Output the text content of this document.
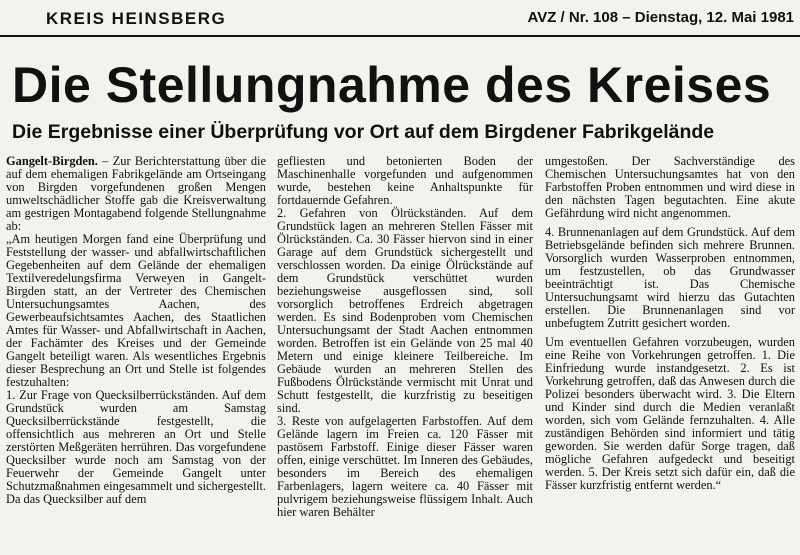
KREIS HEINSBERG	AVZ / Nr. 108 – Dienstag, 12. Mai 1981
Die Stellungnahme des Kreises
Die Ergebnisse einer Überprüfung vor Ort auf dem Birgdener Fabrikgelände

Gangelt-Birgden. – Zur Berichterstattung über die auf dem ehemaligen Fabrikgelände am Ortseingang von Birgden vorgefundenen großen Mengen umweltschädlicher Stoffe gab die Kreisverwaltung am gestrigen Montagabend folgende Stellungnahme ab:

„Am heutigen Morgen fand eine Überprüfung und Feststellung der wasser- und abfallwirtschaftlichen Gegebenheiten auf dem Gelände der ehemaligen Textilveredelungsfirma Verweyen in Gangelt-Birgden statt, an der Vertreter des Chemischen Untersuchungsamtes Aachen, des Gewerbeaufsichtsamtes Aachen, des Staatlichen Amtes für Wasser- und Abfallwirtschaft in Aachen, der Fachämter des Kreises und der Gemeinde Gangelt beteiligt waren. Als wesentliches Ergebnis dieser Besprechung an Ort und Stelle ist folgendes festzuhalten:

1. Zur Frage von Quecksilberrückständen. Auf dem Grundstück wurden am Samstag Quecksilberrückstände festgestellt, die offensichtlich aus mehreren an Ort und Stelle zerstörten Meßgeräten herrühren. Das vorgefundene Quecksilber wurde noch am Samstag von der Feuerwehr der Gemeinde Gangelt unter Schutzmaßnahmen eingesammelt und sichergestellt. Da das Quecksilber auf dem

gefliesten und betonierten Boden der Maschinenhalle vorgefunden und aufgenommen wurde, bestehen keine Anhaltspunkte für fortdauernde Gefahren.

2. Gefahren von Ölrückständen. Auf dem Grundstück lagen an mehreren Stellen Fässer mit Ölrückständen. Ca. 30 Fässer hiervon sind in einer Garage auf dem Grundstück sichergestellt und verschlossen worden. Da einige Ölrückstände auf dem Grundstück verschüttet wurden beziehungsweise ausgeflossen sind, soll vorsorglich betroffenes Erdreich abgetragen werden. Es sind Bodenproben vom Chemischen Untersuchungsamt der Stadt Aachen entnommen worden. Betroffen ist ein Gelände von 25 mal 40 Metern und einige kleinere Teilbereiche. Im Gebäude wurden an mehreren Stellen des Fußbodens Ölrückstände vermischt mit Unrat und Schutt festgestellt, die kurzfristig zu beseitigen sind.

3. Reste von aufgelagerten Farbstoffen. Auf dem Gelände lagern im Freien ca. 120 Fässer mit pastösem Farbstoff. Einige dieser Fässer waren offen, einige verschüttet. Im Inneren des Gebäudes, besonders im Bereich des ehemaligen Farbenlagers, lagern weitere ca. 40 Fässer mit pulvrigem beziehungsweise flüssigem Inhalt. Auch hier waren Behälter

umgestoßen. Der Sachverständige des Chemischen Untersuchungsamtes hat von den Farbstoffen Proben entnommen und wird diese in den nächsten Tagen begutachten. Eine akute Gefährdung wird nicht angenommen.

4. Brunnenanlagen auf dem Grundstück. Auf dem Betriebsgelände befinden sich mehrere Brunnen. Vorsorglich wurden Wasserproben entnommen, um festzustellen, ob das Grundwasser beeinträchtigt ist. Das Chemische Untersuchungsamt wird hierzu das Gutachten erstellen. Die Brunnenanlagen sind vor unbefugtem Zutritt gesichert worden.

Um eventuellen Gefahren vorzubeugen, wurden eine Reihe von Vorkehrungen getroffen. 1. Die Einfriedung wurde instandgesetzt. 2. Es ist Vorkehrung getroffen, daß das Anwesen durch die Polizei besonders überwacht wird. 3. Die Eltern und Kinder sind durch die Medien veranlaßt worden, sich vom Gelände fernzuhalten. 4. Alle zuständigen Behörden sind informiert und tätig geworden. Sie werden dafür Sorge tragen, daß mögliche Gefahren aufgedeckt und beseitigt werden. 5. Der Kreis setzt sich dafür ein, daß die Fässer kurzfristig entfernt werden.“
